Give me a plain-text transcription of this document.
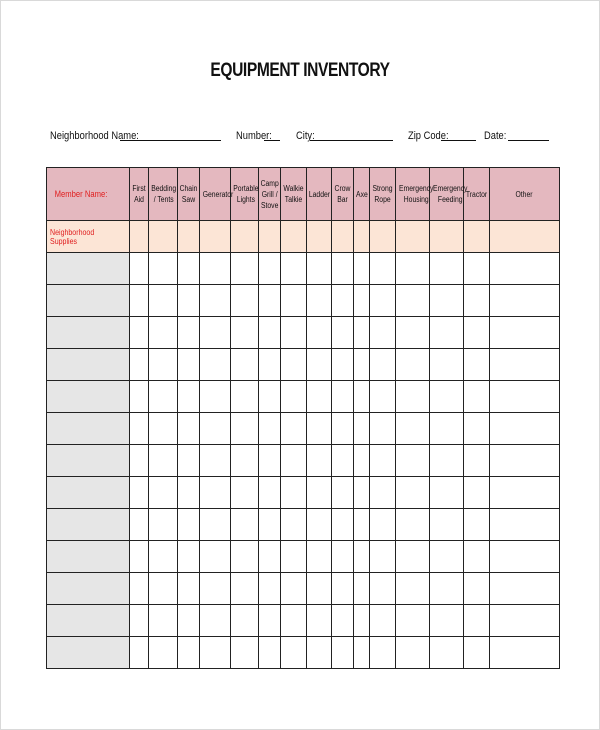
EQUIPMENT INVENTORY
Neighborhood Name:	Number:	City:	Zip Code:	Date:
Member Name:	First Aid	Bedding / Tents	Chain Saw	Generator	Portable Lights	Camp Grill / Stove	Walkie Talkie	Ladder	Crow Bar	Axe	Strong Rope	Emergency Housing	Emergency Feeding	Tractor	Other
Neighborhood Supplies															
